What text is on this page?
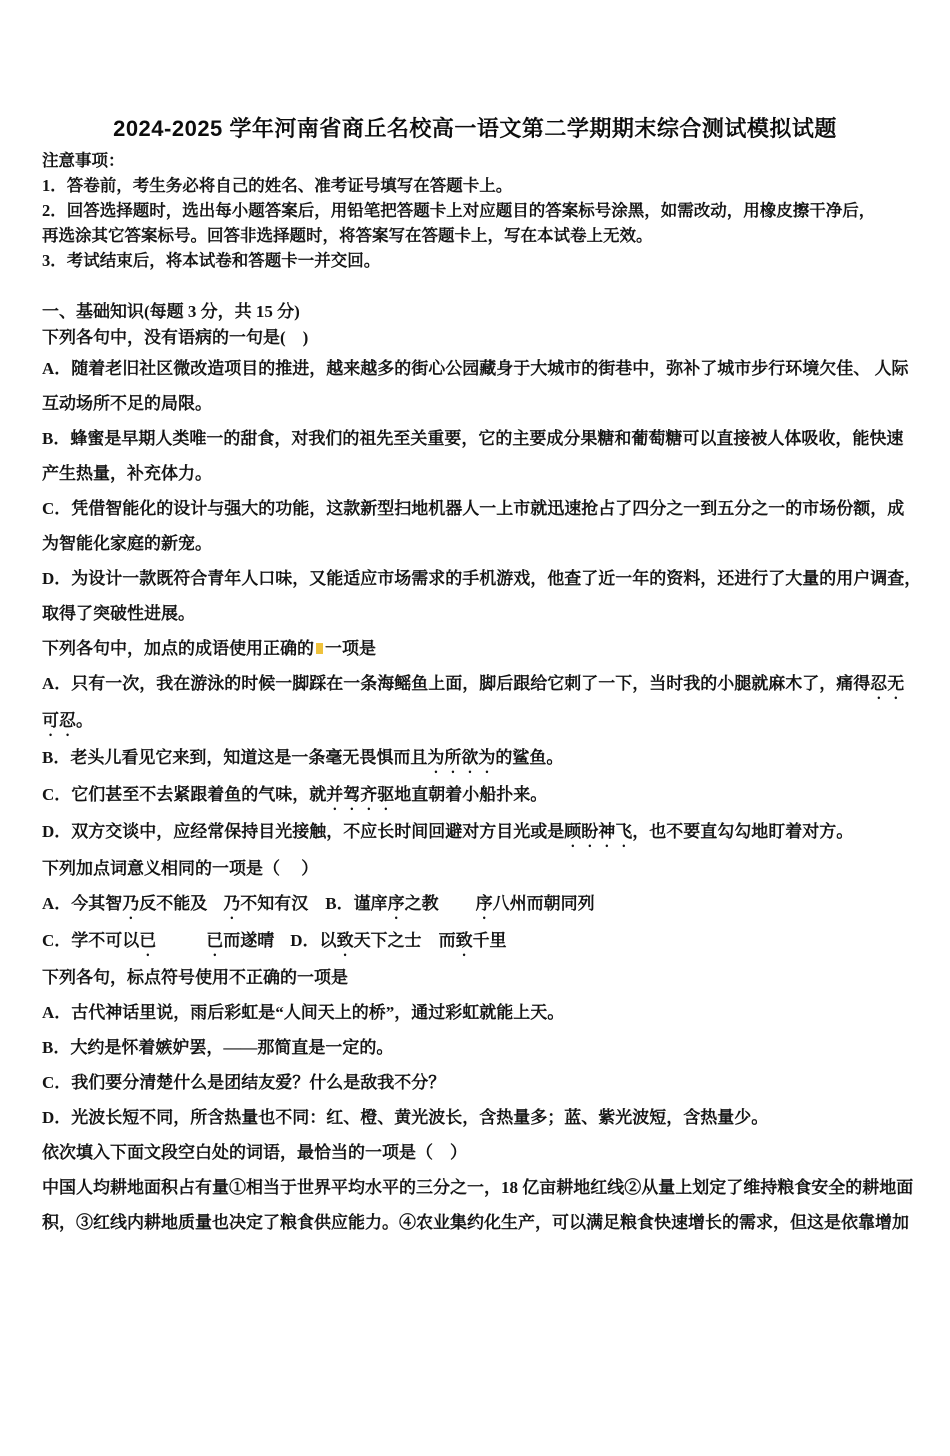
2024-2025 学年河南省商丘名校高一语文第二学期期末综合测试模拟试题
注意事项：
1．答卷前，考生务必将自己的姓名、准考证号填写在答题卡上。
2．回答选择题时，选出每小题答案后，用铅笔把答题卡上对应题目的答案标号涂黑，如需改动，用橡皮擦干净后，
再选涂其它答案标号。回答非选择题时，将答案写在答题卡上，写在本试卷上无效。
3．考试结束后，将本试卷和答题卡一并交回。
一、基础知识(每题 3 分，共 15 分)
下列各句中，没有语病的一句是(    )
A．随着老旧社区微改造项目的推进，越来越多的街心公园藏身于大城市的街巷中，弥补了城市步行环境欠佳、 人际
互动场所不足的局限。
B．蜂蜜是早期人类唯一的甜食，对我们的祖先至关重要，它的主要成分果糖和葡萄糖可以直接被人体吸收，能快速
产生热量，补充体力。
C．凭借智能化的设计与强大的功能，这款新型扫地机器人一上市就迅速抢占了四分之一到五分之一的市场份额，成
为智能化家庭的新宠。
D．为设计一款既符合青年人口味，又能适应市场需求的手机游戏，他查了近一年的资料，还进行了大量的用户调查，
取得了突破性进展。
下列各句中，加点的成语使用正确的 一项是
A．只有一次，我在游泳的时候一脚踩在一条海鳐鱼上面，脚后跟给它刺了一下，当时我的小腿就麻木了，痛得忍无
可忍。
B．老头儿看见它来到，知道这是一条毫无畏惧而且为所欲为的鲨鱼。
C．它们甚至不去紧跟着鱼的气味，就并驾齐驱地直朝着小船扑来。
D．双方交谈中，应经常保持目光接触，不应长时间回避对方目光或是顾盼神飞，也不要直勾勾地盯着对方。
下列加点词意义相同的一项是（     ）
A．今其智乃反不能及 乃不知有汉 B．谨庠序之教 序八州而朝同列
C．学不可以已	已而遂晴 D．以致天下之士 而致千里
下列各句，标点符号使用不正确的一项是
A．古代神话里说，雨后彩虹是“人间天上的桥”，通过彩虹就能上天。
B．大约是怀着嫉妒罢，——那简直是一定的。
C．我们要分清楚什么是团结友爱？什么是敌我不分？
D．光波长短不同，所含热量也不同：红、橙、黄光波长，含热量多；蓝、紫光波短，含热量少。
依次填入下面文段空白处的词语，最恰当的一项是（    ）
中国人均耕地面积占有量①相当于世界平均水平的三分之一，18 亿亩耕地红线②从量上划定了维持粮食安全的耕地面
积，③红线内耕地质量也决定了粮食供应能力。④农业集约化生产，可以满足粮食快速增长的需求，但这是依靠增加
